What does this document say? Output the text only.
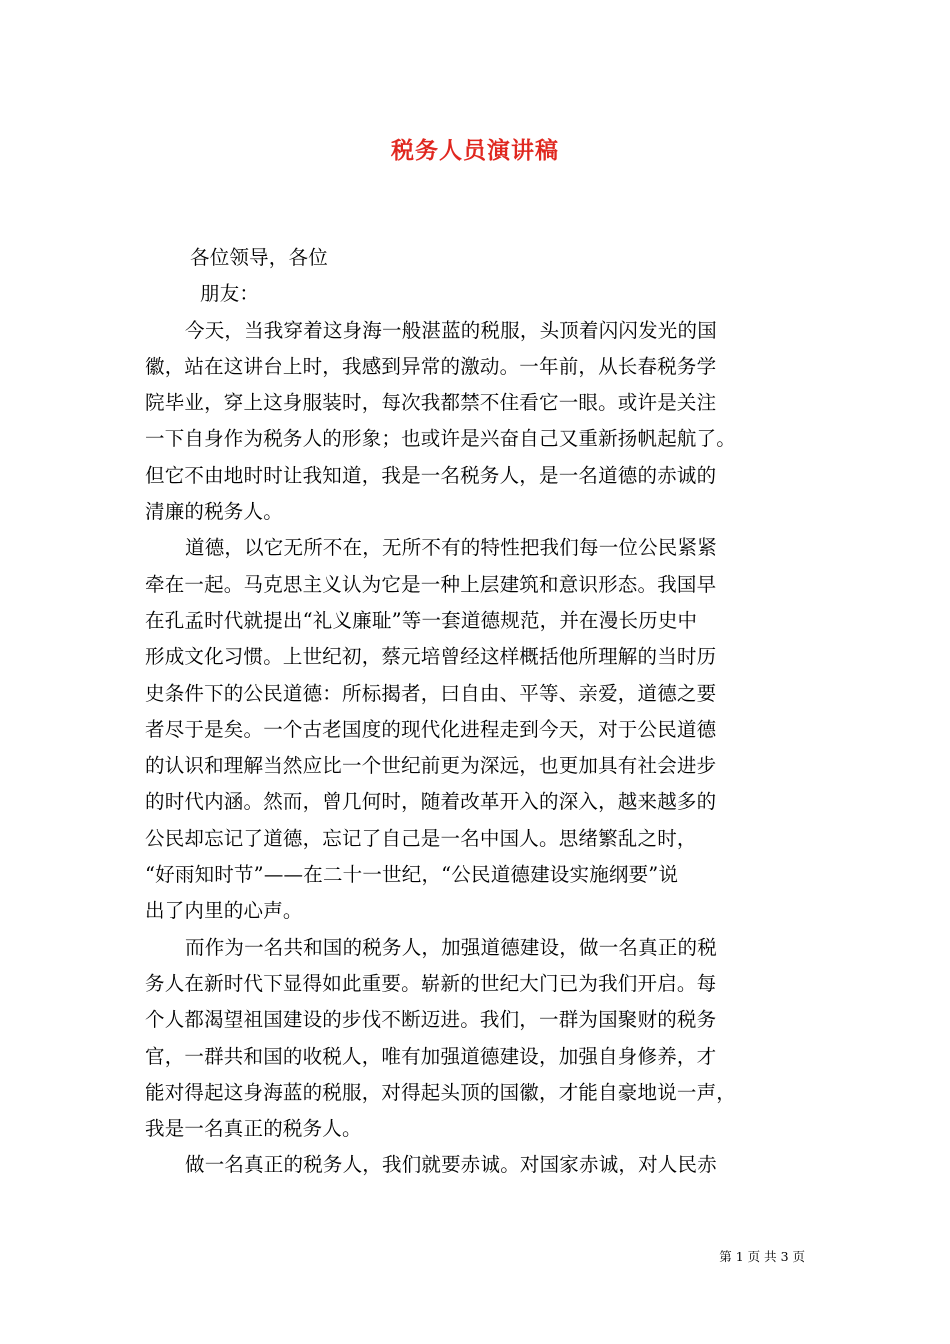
税务人员演讲稿
各位领导，各位
朋友：
今天，当我穿着这身海一般湛蓝的税服，头顶着闪闪发光的国
徽，站在这讲台上时，我感到异常的激动。一年前，从长春税务学
院毕业，穿上这身服装时，每次我都禁不住看它一眼。或许是关注
一下自身作为税务人的形象；也或许是兴奋自己又重新扬帆起航了。
但它不由地时时让我知道，我是一名税务人，是一名道德的赤诚的
清廉的税务人。
道德，以它无所不在，无所不有的特性把我们每一位公民紧紧
牵在一起。马克思主义认为它是一种上层建筑和意识形态。我国早
在孔孟时代就提出“礼义廉耻”等一套道德规范，并在漫长历史中
形成文化习惯。上世纪初，蔡元培曾经这样概括他所理解的当时历
史条件下的公民道德：所标揭者，曰自由、平等、亲爱，道德之要
者尽于是矣。一个古老国度的现代化进程走到今天，对于公民道德
的认识和理解当然应比一个世纪前更为深远，也更加具有社会进步
的时代内涵。然而，曾几何时，随着改革开入的深入，越来越多的
公民却忘记了道德，忘记了自己是一名中国人。思绪繁乱之时，
“好雨知时节”——在二十一世纪，“公民道德建设实施纲要”说
出了内里的心声。
而作为一名共和国的税务人，加强道德建设，做一名真正的税
务人在新时代下显得如此重要。崭新的世纪大门已为我们开启。每
个人都渴望祖国建设的步伐不断迈进。我们，一群为国聚财的税务
官，一群共和国的收税人，唯有加强道德建设，加强自身修养，才
能对得起这身海蓝的税服，对得起头顶的国徽，才能自豪地说一声，
我是一名真正的税务人。
做一名真正的税务人，我们就要赤诚。对国家赤诚，对人民赤
第 1 页 共 3 页
